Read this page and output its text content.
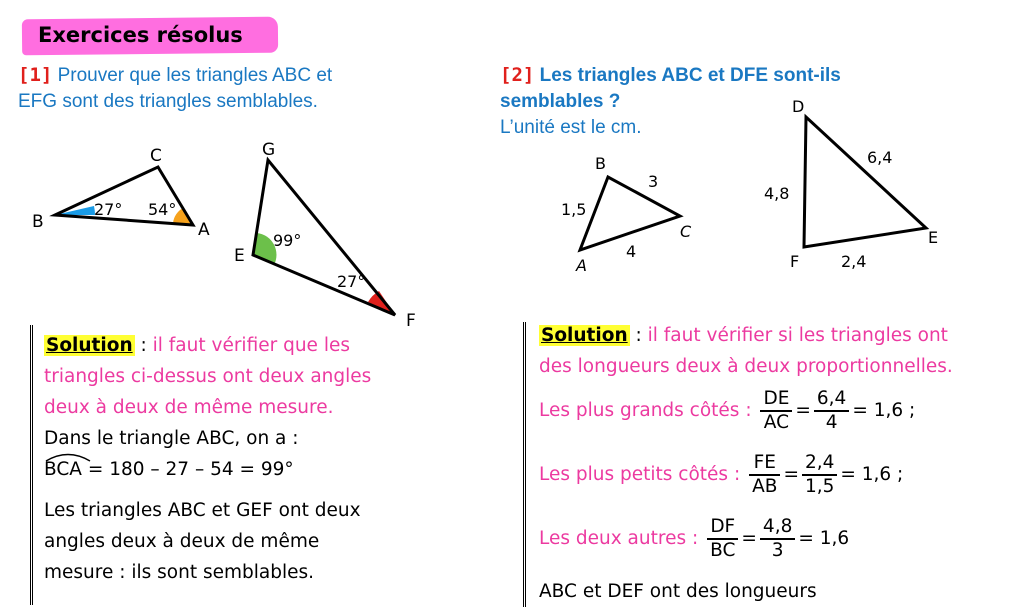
Exercices résolus
[1] Prouver que les triangles ABC et
EFG sont des triangles semblables.
B
C
A
27° 54°
G
E
F
99°
27°
Solution : il faut vérifier que les
triangles ci-dessus ont deux angles
deux à deux de même mesure.
Dans le triangle ABC, on a :
BCA = 180 – 27 – 54 = 99°
Les triangles ABC et GEF ont deux
angles deux à deux de même
mesure : ils sont semblables.
[2] Les triangles ABC et DFE sont-ils
semblables ?
L’unité est le cm.
B
A
C
1,5
3
4
D
F
E
4,8
6,4
2,4
Solution : il faut vérifier si les triangles ont
des longueurs deux à deux proportionnelles.
Les plus grands côtés : $\frac{DE}{AC} = \frac{6,4}{4} = 1,6$ ;
Les plus petits côtés : $\frac{FE}{AB} = \frac{2,4}{1,5} = 1,6$ ;
Les deux autres : $\frac{DF}{BC} = \frac{4,8}{3} = 1,6$
ABC et DEF ont des longueurs
